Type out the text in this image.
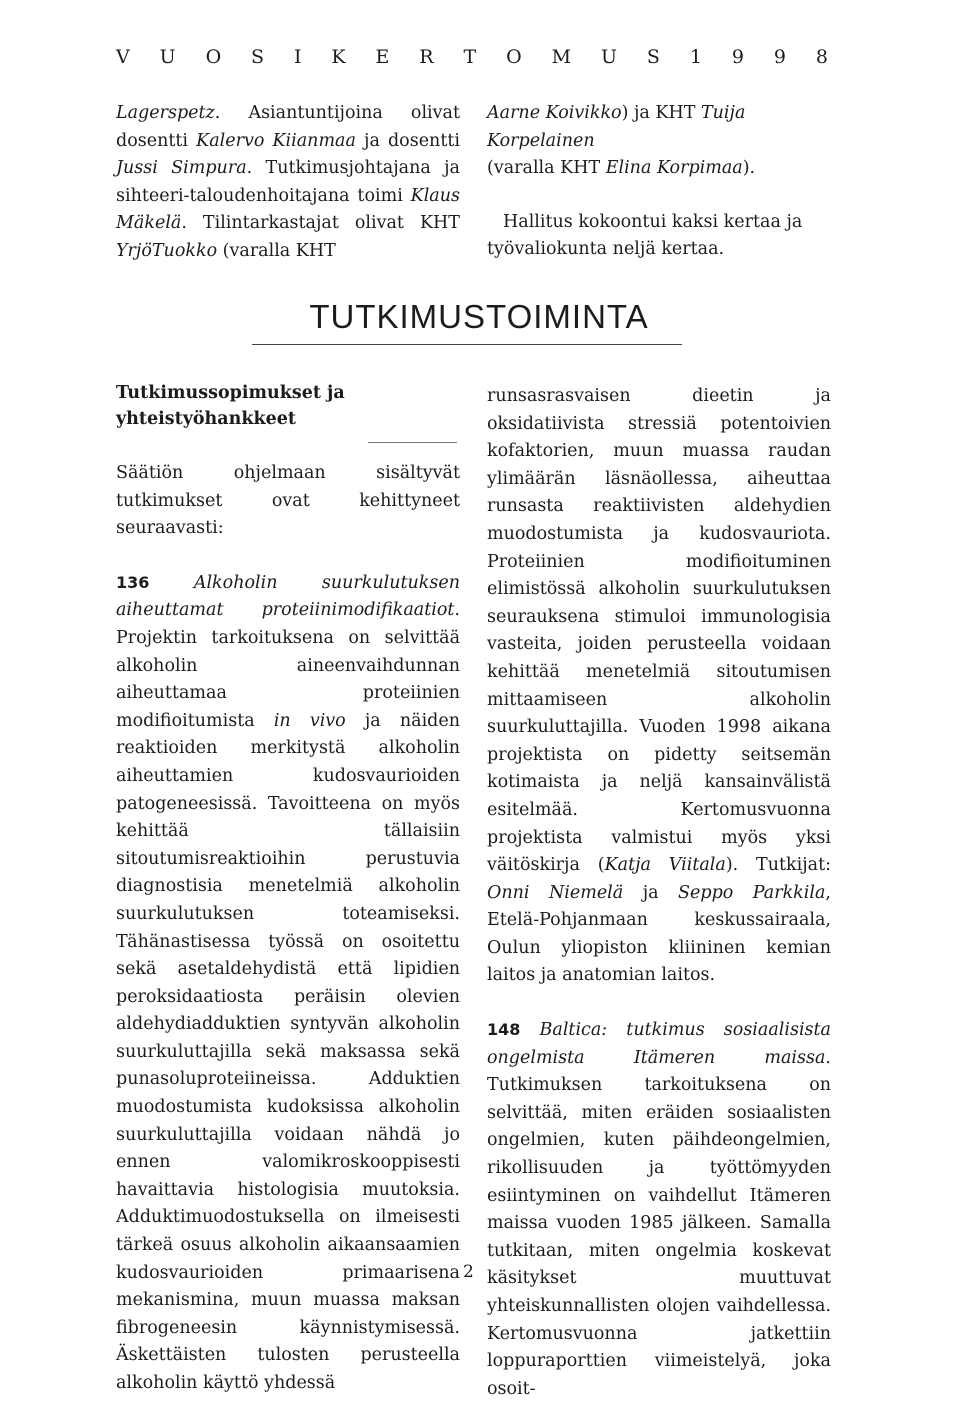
V U O S I K E R T O M U S 1 9 9 8

Lagerspetz. Asiantuntijoina olivat dosentti Kalervo Kiianmaa ja dosentti Jussi Simpura. Tutkimusjohtajana ja sihteeri-taloudenhoitajana toimi Klaus Mäkelä. Tilintarkastajat olivat KHT YrjöTuokko (varalla KHT

Aarne Koivikko) ja KHT Tuija Korpelainen
(varalla KHT Elina Korpimaa).

Hallitus kokoontui kaksi kertaa ja työvaliokunta neljä kertaa.

TUTKIMUSTOIMINTA
Tutkimussopimukset ja
yhteistyöhankkeet

Säätiön ohjelmaan sisältyvät tutkimukset ovat kehittyneet seuraavasti:

136	Alkoholin suurkulutuksen aiheuttamat proteiinimodifikaatiot. Projektin tarkoituksena on selvittää alkoholin aineenvaihdunnan aiheuttamaa proteiinien modifioitumista in vivo ja näiden reaktioiden merkitystä alkoholin aiheuttamien kudosvaurioiden patogeneesissä. Tavoitteena on myös kehittää tällaisiin sitoutumisreaktioihin perustuvia diagnostisia menetelmiä alkoholin suurkulutuksen toteamiseksi. Tähänastisessa työssä on osoitettu sekä asetaldehydistä että lipidien peroksidaatiosta peräisin olevien aldehydiadduktien syntyvän alkoholin suurkuluttajilla sekä maksassa sekä punasoluproteiineissa. Adduktien muodostumista kudoksissa alkoholin suurkuluttajilla voidaan nähdä jo ennen valomikroskooppisesti havaittavia histologisia muutoksia. Adduktimuodostuksella on ilmeisesti tärkeä osuus alkoholin aikaansaamien kudosvaurioiden primaarisena mekanismina, muun muassa maksan fibrogeneesin käynnistymisessä. Äskettäisten tulosten perusteella alkoholin käyttö yhdessä

runsasrasvaisen dieetin ja oksidatiivista stressiä potentoivien kofaktorien, muun muassa raudan ylimäärän läsnäollessa, aiheuttaa runsasta reaktiivisten aldehydien muodostumista ja kudosvauriota. Proteiinien modifioituminen elimistössä alkoholin suurkulutuksen seurauksena stimuloi immunologisia vasteita, joiden perusteella voidaan kehittää menetelmiä sitoutumisen mittaamiseen alkoholin suurkuluttajilla. Vuoden 1998 aikana projektista on pidetty seitsemän kotimaista ja neljä kansainvälistä esitelmää. Kertomusvuonna projektista valmistui myös yksi väitöskirja (Katja Viitala). Tutkijat: Onni Niemelä ja Seppo Parkkila, Etelä-Pohjanmaan keskussairaala, Oulun yliopiston kliininen kemian laitos ja anatomian laitos.

148 Baltica: tutkimus sosiaalisista ongelmista Itämeren maissa. Tutkimuksen tarkoituksena on selvittää, miten eräiden sosiaalisten ongelmien, kuten päihdeongelmien, rikollisuuden ja työttömyyden esiintyminen on vaihdellut Itämeren maissa vuoden 1985 jälkeen. Samalla tutkitaan, miten ongelmia koskevat käsitykset muuttuvat yhteiskunnallisten olojen vaihdellessa. Kertomusvuonna jatkettiin loppuraporttien viimeistelyä, joka osoit-

2
